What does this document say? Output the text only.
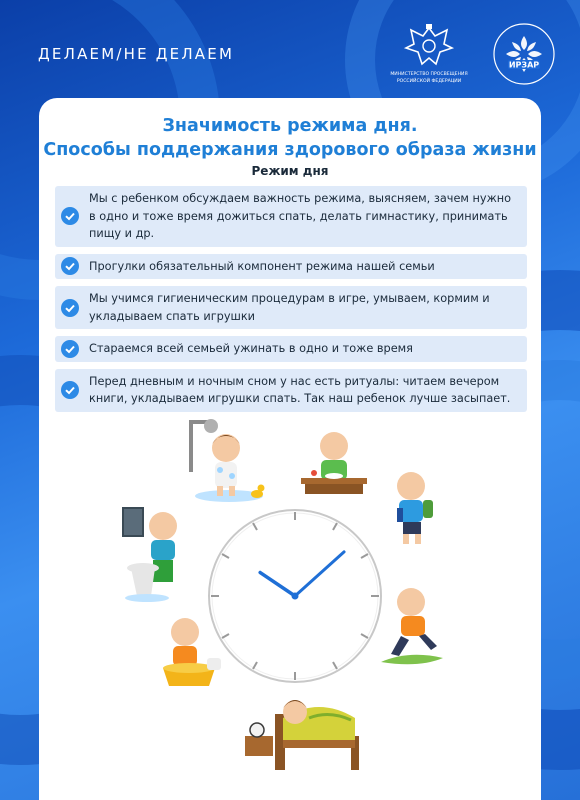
ДЕЛАЕМ/НЕ ДЕЛАЕМ
МИНИСТЕРСТВО ПРОСВЕЩЕНИЯ
РОССИЙСКОЙ ФЕДЕРАЦИИ
ИРЗАР
Значимость режима дня.
Способы поддержания здорового образа жизни
Режим дня
Мы с ребенком обсуждаем важность режима, выясняем, зачем нужно в одно и тоже время дожиться спать, делать гимнастику, принимать пищу и др.
Прогулки обязательный компонент режима нашей семьи
Мы учимся гигиеническим процедурам в игре, умываем, кормим и укладываем спать игрушки
Стараемся всей семьей ужинать в одно и тоже время
Перед дневным и ночным сном у нас есть ритуалы: читаем вечером книги, укладываем игрушки спать. Так наш ребенок лучше засыпает.
